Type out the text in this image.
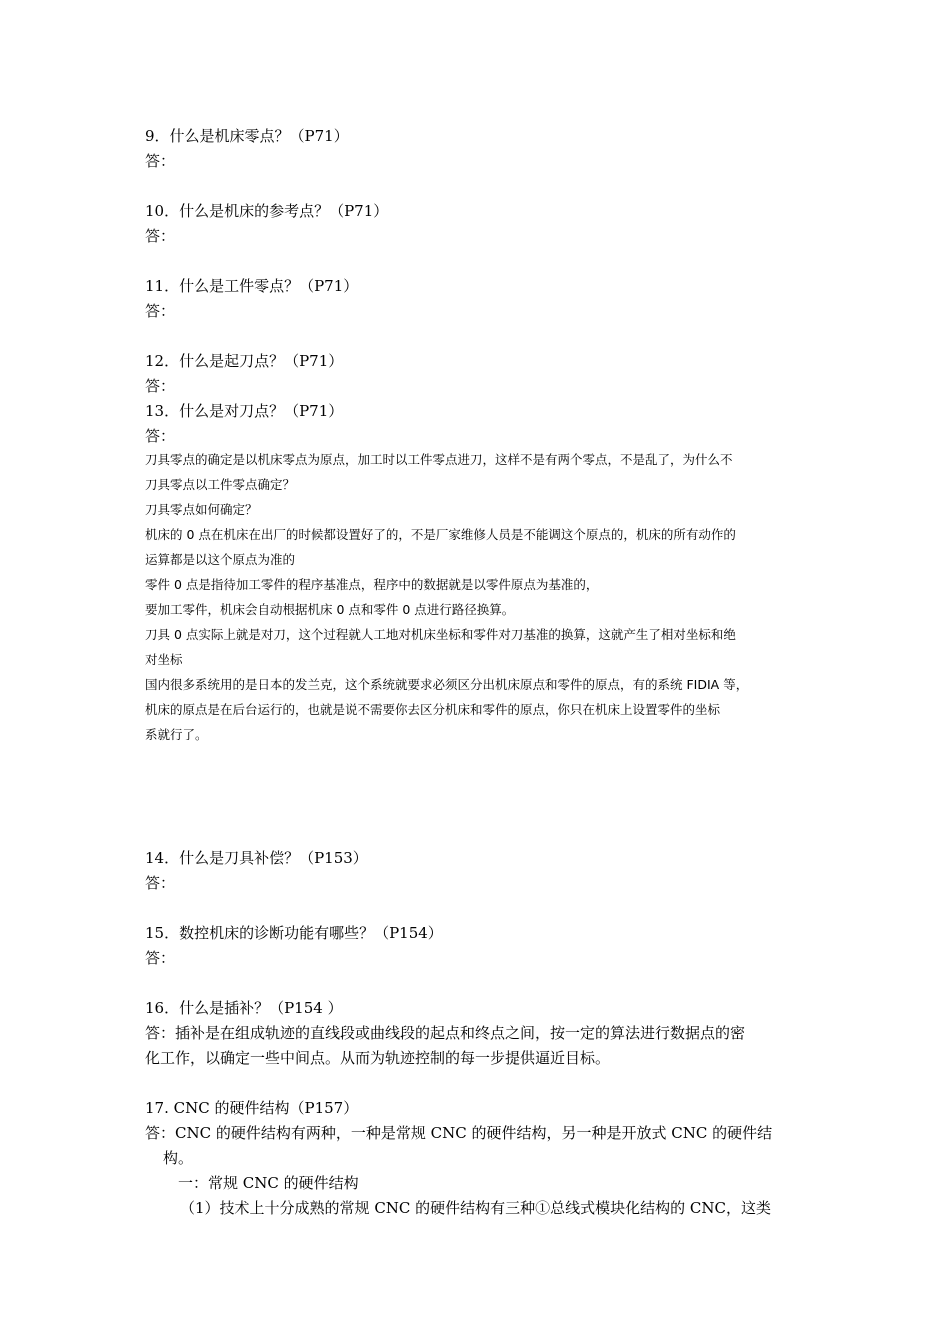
9．什么是机床零点？（P71）
答：
10．什么是机床的参考点？（P71）
答：
11．什么是工件零点？（P71）
答：
12．什么是起刀点？（P71）
答：
13．什么是对刀点？（P71）
答：
刀具零点的确定是以机床零点为原点，加工时以工件零点进刀，这样不是有两个零点，不是乱了，为什么不
刀具零点以工件零点确定？
刀具零点如何确定？
机床的 0 点在机床在出厂的时候都设置好了的，不是厂家维修人员是不能调这个原点的，机床的所有动作的
运算都是以这个原点为准的
零件 0 点是指待加工零件的程序基准点，程序中的数据就是以零件原点为基准的，
要加工零件，机床会自动根据机床 0 点和零件 0 点进行路径换算。
刀具 0 点实际上就是对刀，这个过程就人工地对机床坐标和零件对刀基准的换算，这就产生了相对坐标和绝
对坐标
国内很多系统用的是日本的发兰克，这个系统就要求必须区分出机床原点和零件的原点，有的系统 FIDIA 等，
机床的原点是在后台运行的，也就是说不需要你去区分机床和零件的原点，你只在机床上设置零件的坐标
系就行了。
14．什么是刀具补偿？（P153）
答：
15．数控机床的诊断功能有哪些？（P154）
答：
16．什么是插补？（P154 ）
答：插补是在组成轨迹的直线段或曲线段的起点和终点之间，按一定的算法进行数据点的密
化工作，以确定一些中间点。从而为轨迹控制的每一步提供逼近目标。
17. CNC 的硬件结构（P157）
答：CNC 的硬件结构有两种，一种是常规 CNC 的硬件结构，另一种是开放式 CNC 的硬件结
构。
一：常规 CNC 的硬件结构
（1）技术上十分成熟的常规 CNC 的硬件结构有三种①总线式模块化结构的 CNC，这类
